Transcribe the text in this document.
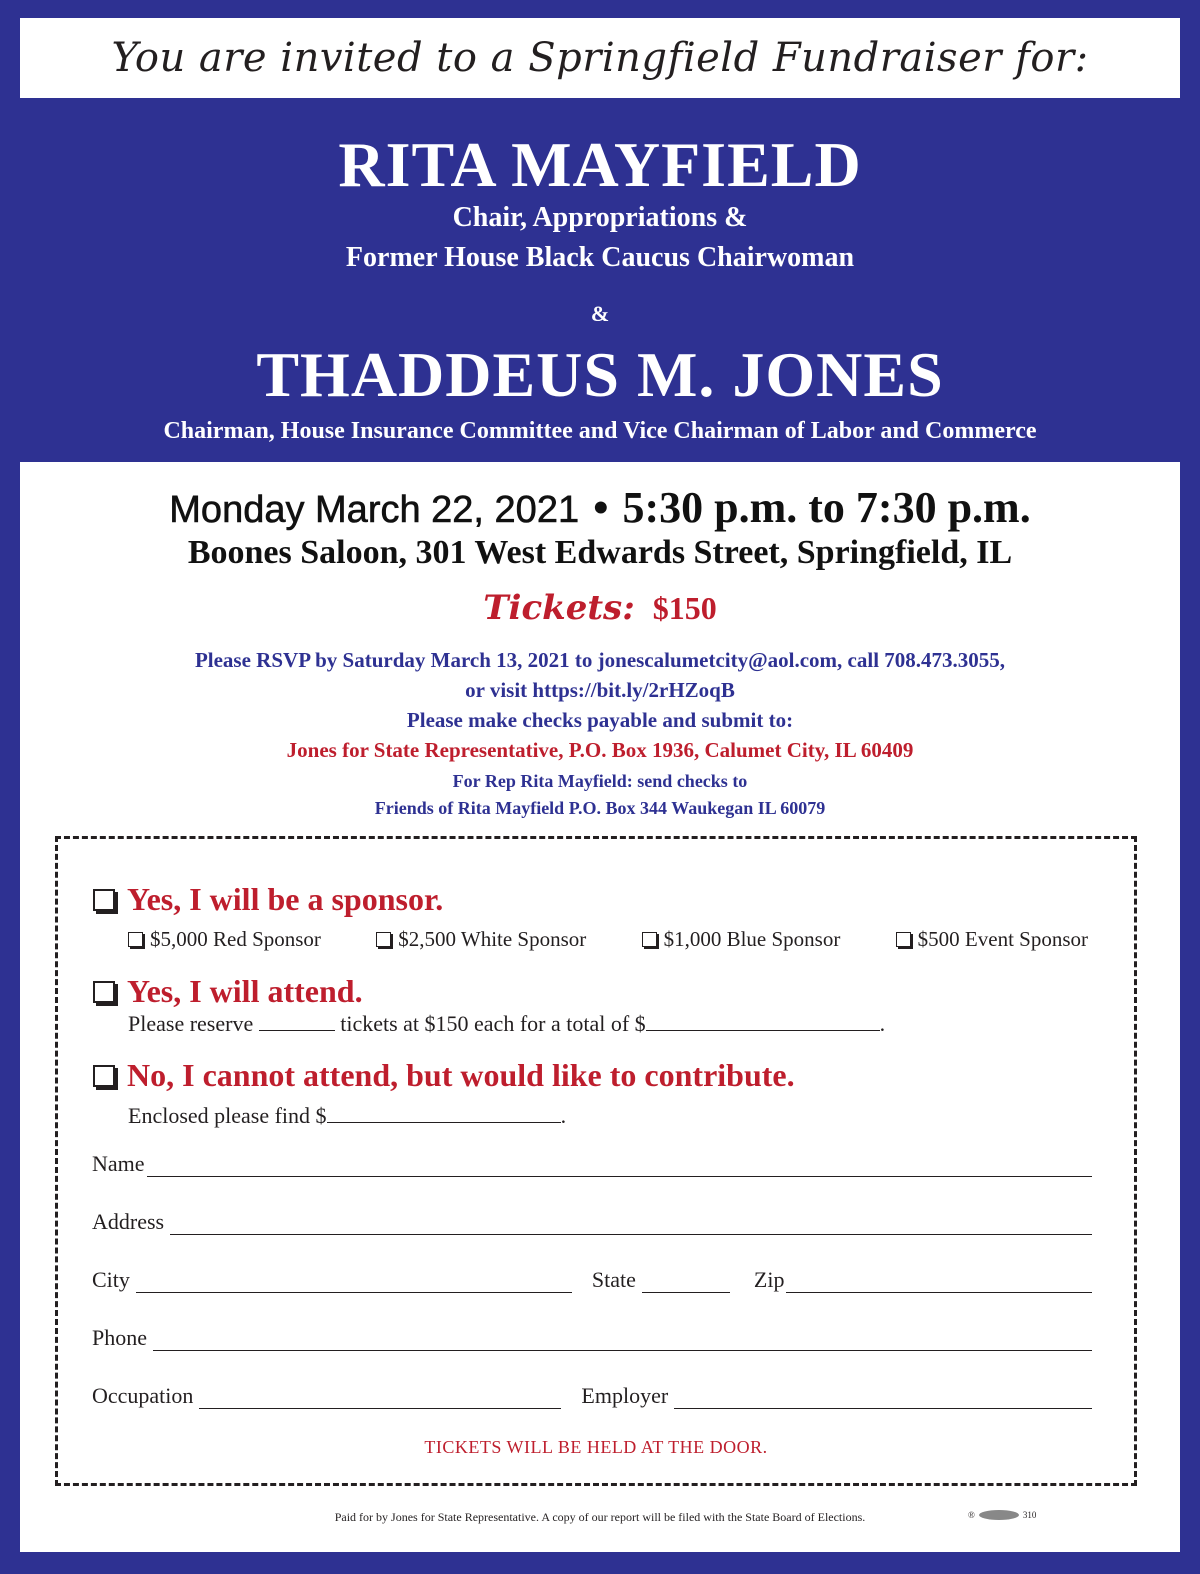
You are invited to a Springfield Fundraiser for:
RITA MAYFIELD
Chair, Appropriations &
Former House Black Caucus Chairwoman
&
THADDEUS M. JONES
Chairman, House Insurance Committee and Vice Chairman of Labor and Commerce
Monday March 22, 2021 • 5:30 p.m. to 7:30 p.m.
Boones Saloon, 301 West Edwards Street, Springfield, IL
Tickets: $150
Please RSVP by Saturday March 13, 2021 to jonescalumetcity@aol.com, call 708.473.3055,
or visit https://bit.ly/2rHZoqB
Please make checks payable and submit to:
Jones for State Representative, P.O. Box 1936, Calumet City, IL 60409
For Rep Rita Mayfield: send checks to
Friends of Rita Mayfield P.O. Box 344 Waukegan IL 60079
Yes, I will be a sponsor.
$5,000 Red Sponsor	$2,500 White Sponsor	$1,000 Blue Sponsor	$500 Event Sponsor
Yes, I will attend.
Please reserve	tickets at $150 each for a total of $	.
No, I cannot attend, but would like to contribute.
Enclosed please find $	.
Name
Address
City	State	Zip
Phone
Occupation	Employer
TICKETS WILL BE HELD AT THE DOOR.
Paid for by Jones for State Representative. A copy of our report will be filed with the State Board of Elections.	®	310
